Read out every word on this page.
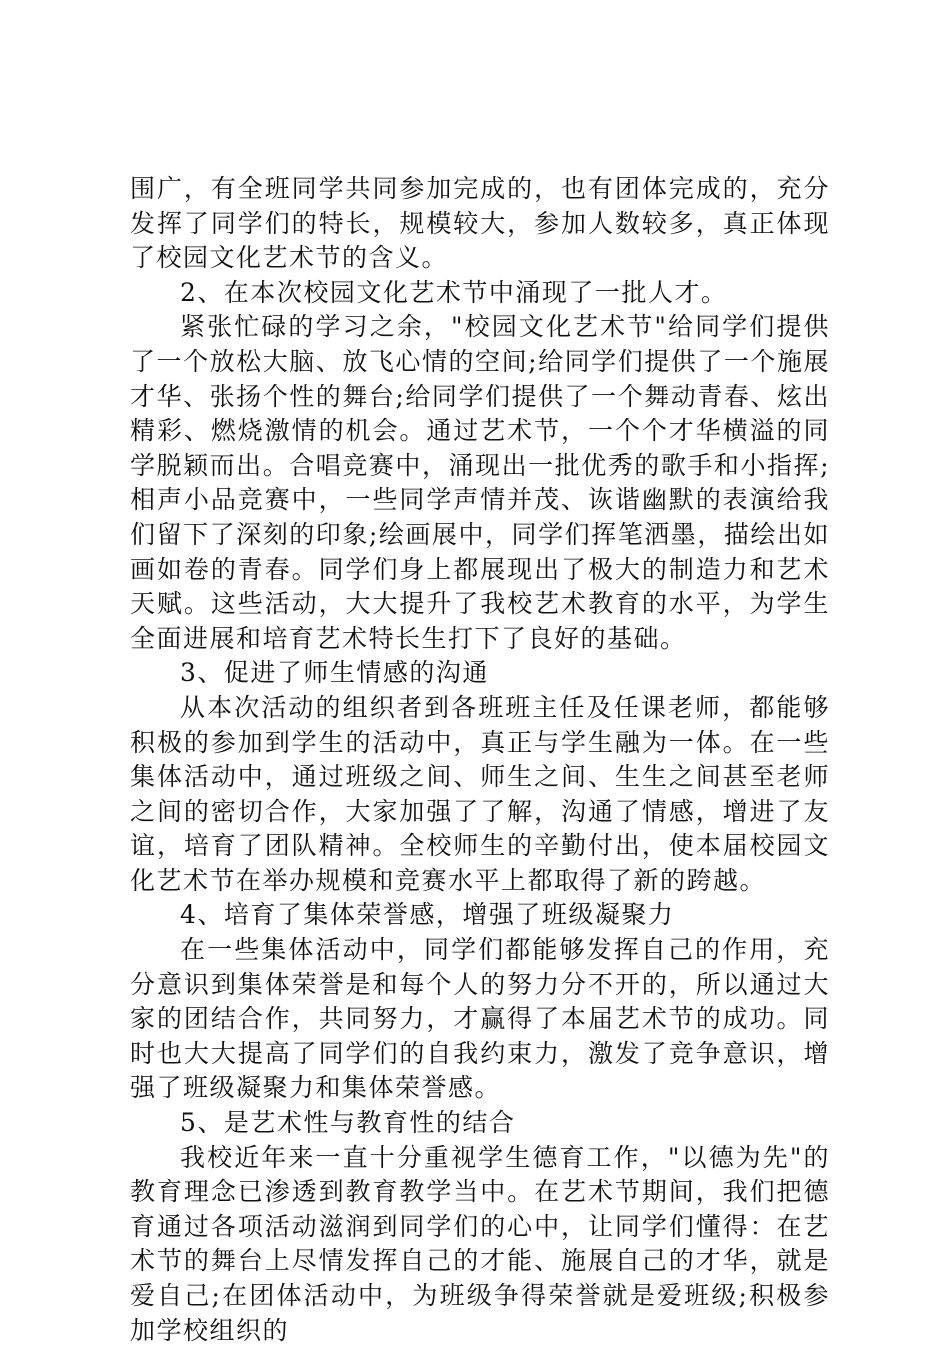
围广，有全班同学共同参加完成的，也有团体完成的，充分发挥了同学们的特长，规模较大，参加人数较多，真正体现了校园文化艺术节的含义。

2、在本次校园文化艺术节中涌现了一批人才。

紧张忙碌的学习之余，"校园文化艺术节"给同学们提供了一个放松大脑、放飞心情的空间;给同学们提供了一个施展才华、张扬个性的舞台;给同学们提供了一个舞动青春、炫出精彩、燃烧激情的机会。通过艺术节，一个个才华横溢的同学脱颖而出。合唱竞赛中，涌现出一批优秀的歌手和小指挥;相声小品竞赛中，一些同学声情并茂、诙谐幽默的表演给我们留下了深刻的印象;绘画展中，同学们挥笔洒墨，描绘出如画如卷的青春。同学们身上都展现出了极大的制造力和艺术天赋。这些活动，大大提升了我校艺术教育的水平，为学生全面进展和培育艺术特长生打下了良好的基础。

3、促进了师生情感的沟通

从本次活动的组织者到各班班主任及任课老师，都能够积极的参加到学生的活动中，真正与学生融为一体。在一些集体活动中，通过班级之间、师生之间、生生之间甚至老师之间的密切合作，大家加强了了解，沟通了情感，增进了友谊，培育了团队精神。全校师生的辛勤付出，使本届校园文化艺术节在举办规模和竞赛水平上都取得了新的跨越。

4、培育了集体荣誉感，增强了班级凝聚力

在一些集体活动中，同学们都能够发挥自己的作用，充分意识到集体荣誉是和每个人的努力分不开的，所以通过大家的团结合作，共同努力，才赢得了本届艺术节的成功。同时也大大提高了同学们的自我约束力，激发了竞争意识，增强了班级凝聚力和集体荣誉感。

5、是艺术性与教育性的结合

我校近年来一直十分重视学生德育工作，"以德为先"的教育理念已渗透到教育教学当中。在艺术节期间，我们把德育通过各项活动滋润到同学们的心中，让同学们懂得：在艺术节的舞台上尽情发挥自己的才能、施展自己的才华，就是爱自己;在团体活动中，为班级争得荣誉就是爱班级;积极参加学校组织的
